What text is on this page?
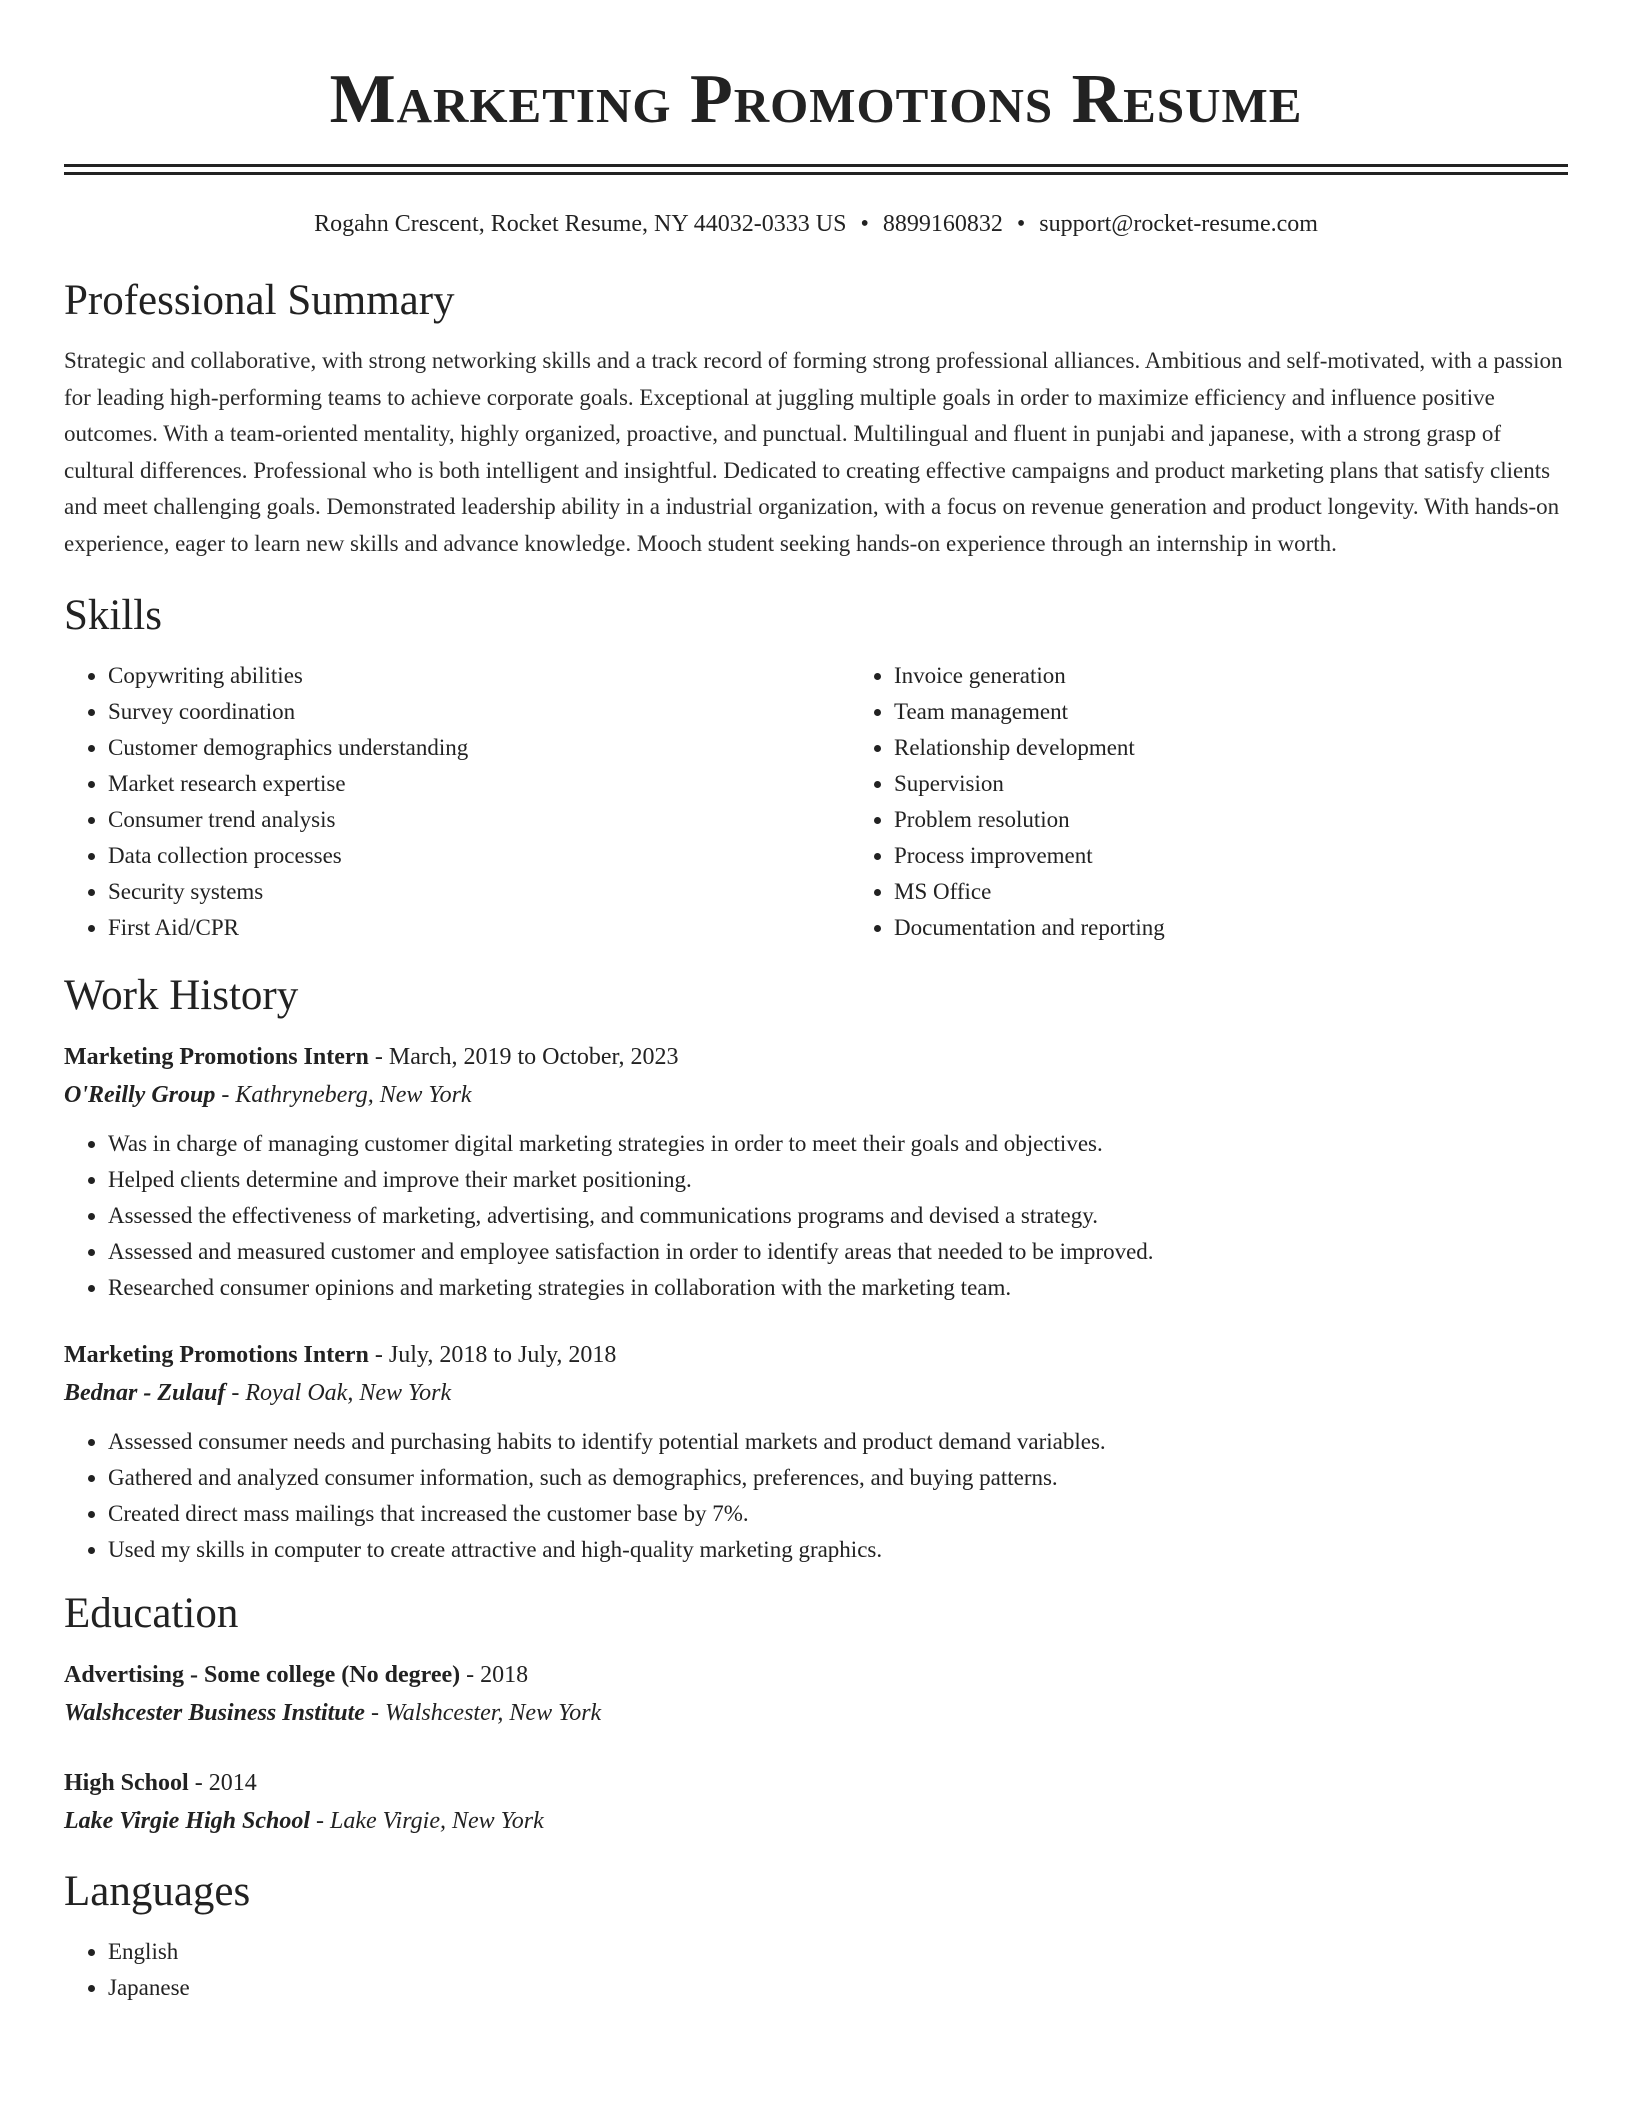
Marketing Promotions Resume
Rogahn Crescent, Rocket Resume, NY 44032-0333 US • 8899160832 • support@rocket-resume.com
Professional Summary

Strategic and collaborative, with strong networking skills and a track record of forming strong professional alliances. Ambitious and self-motivated, with a passion for leading high-performing teams to achieve corporate goals. Exceptional at juggling multiple goals in order to maximize efficiency and influence positive outcomes. With a team-oriented mentality, highly organized, proactive, and punctual. Multilingual and fluent in punjabi and japanese, with a strong grasp of cultural differences. Professional who is both intelligent and insightful. Dedicated to creating effective campaigns and product marketing plans that satisfy clients and meet challenging goals. Demonstrated leadership ability in a industrial organization, with a focus on revenue generation and product longevity. With hands-on experience, eager to learn new skills and advance knowledge. Mooch student seeking hands-on experience through an internship in worth.

Skills
• Copywriting abilities
• Survey coordination
• Customer demographics understanding
• Market research expertise
• Consumer trend analysis
• Data collection processes
• Security systems
• First Aid/CPR
• Invoice generation
• Team management
• Relationship development
• Supervision
• Problem resolution
• Process improvement
• MS Office
• Documentation and reporting
Work History
Marketing Promotions Intern - March, 2019 to October, 2023
O'Reilly Group - Kathryneberg, New York
• Was in charge of managing customer digital marketing strategies in order to meet their goals and objectives.
• Helped clients determine and improve their market positioning.
• Assessed the effectiveness of marketing, advertising, and communications programs and devised a strategy.
• Assessed and measured customer and employee satisfaction in order to identify areas that needed to be improved.
• Researched consumer opinions and marketing strategies in collaboration with the marketing team.
Marketing Promotions Intern - July, 2018 to July, 2018
Bednar - Zulauf - Royal Oak, New York
• Assessed consumer needs and purchasing habits to identify potential markets and product demand variables.
• Gathered and analyzed consumer information, such as demographics, preferences, and buying patterns.
• Created direct mass mailings that increased the customer base by 7%.
• Used my skills in computer to create attractive and high-quality marketing graphics.
Education
Advertising - Some college (No degree) - 2018
Walshcester Business Institute - Walshcester, New York
High School - 2014
Lake Virgie High School - Lake Virgie, New York
Languages
• English
• Japanese
